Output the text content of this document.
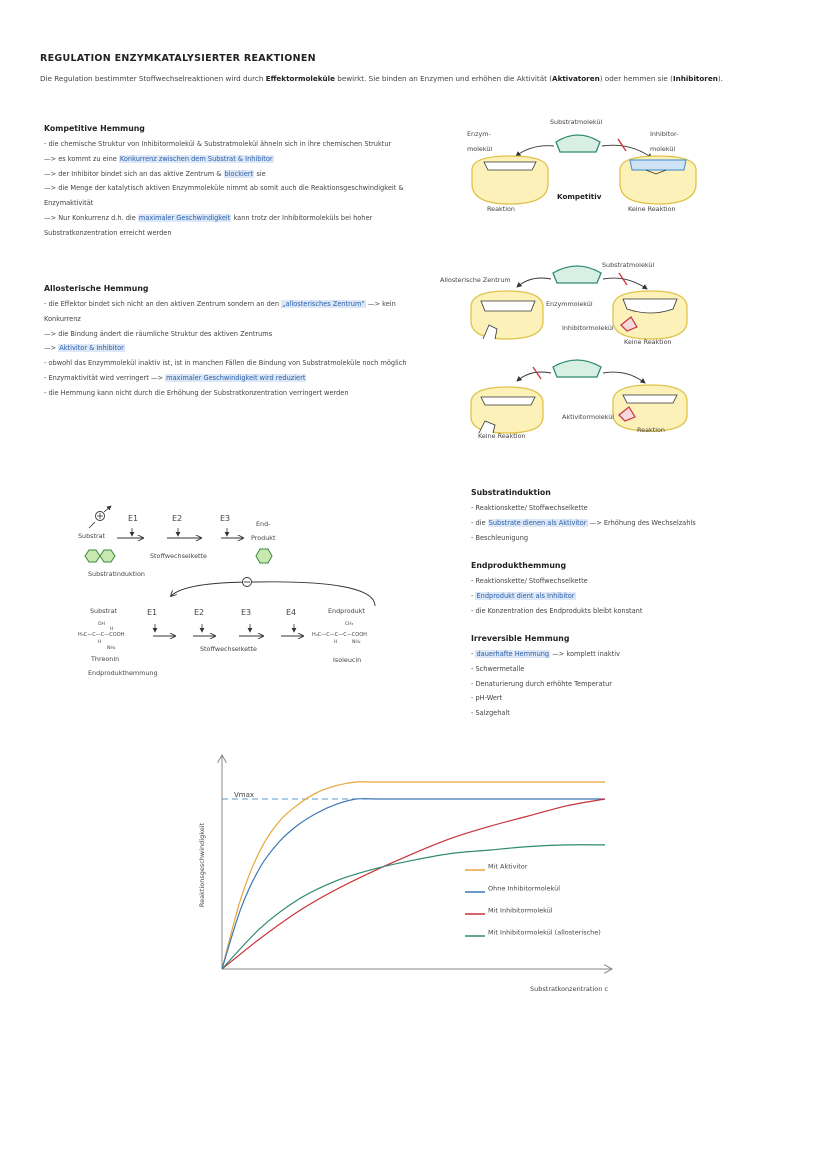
REGULATION ENZYMKATALYSIERTER REAKTIONEN
Die Regulation bestimmter Stoffwechselreaktionen wird durch Effektormoleküle bewirkt. Sie binden an Enzymen und erhöhen die Aktivität (Aktivatoren) oder hemmen sie (Inhibitoren).
Kompetitive Hemmung
- die chemische Struktur von Inhibitormolekül & Substratmolekül ähneln sich in ihre chemischen Struktur
—> es kommt zu eine Konkurrenz zwischen dem Substrat & Inhibitor
—> der Inhibitor bindet sich an das aktive Zentrum & blockiert sie
—> die Menge der katalytisch aktiven Enzymmoleküle nimmt ab somit auch die Reaktionsgeschwindigkeit &
Enzymaktivität
—> Nur Konkurrenz d.h. die maximaler Geschwindigkeit kann trotz der Inhibitormoleküls bei hoher
Substratkonzentration erreicht werden
Enzym-
molekül
Substratmolekül
Inhibitor-
molekül
Kompetitiv
Reaktion	Keine Reaktion
Allosterische Hemmung
- die Effektor bindet sich nicht an den aktiven Zentrum sondern an den „allosterisches Zentrum“ —> kein
Konkurrenz
—> die Bindung ändert die räumliche Struktur des aktiven Zentrums
—> Aktivitor & Inhibitor
- obwohl das Enzymmolekül inaktiv ist, ist in manchen Fällen die Bindung von Substratmoleküle noch möglich
- Enzymaktivität wird verringert —> maximaler Geschwindigkeit wird reduziert
- die Hemmung kann nicht durch die Erhöhung der Substratkonzentration verringert werden
Allosterische Zentrum
Substratmolekül
Enzymmolekül
Inhibitormolekül
Keine Reaktion
Aktivitormolekül
Reaktion
Keine Reaktion
E1	E2	E3
End-
Produkt
Substrat
Stoffwechselkette
Substratinduktion
Substrat	E1	E2	E3	E4	Endprodukt
Stoffwechselkette
OH
H
H₃C—C—C—COOH
H
NH₂
Threonin
Endprodukthemmung
CH₃
H₃C—C—C—C—COOH
H	NH₂
Isoleucin
Substratinduktion
- Reaktionskette/ Stoffwechselkette
- die Substrate dienen als Aktivitor —> Erhöhung des Wechselzahls
- Beschleunigung
Endprodukthemmung
- Reaktionskette/ Stoffwechselkette
- Endprodukt dient als Inhibitor
- die Konzentration des Endprodukts bleibt konstant
Irreversible Hemmung
- dauerhafte Hemmung —> komplett inaktiv
- Schwermetalle
- Denaturierung durch erhöhte Temperatur
- pH-Wert
- Salzgehalt
Mit Aktivitor
Ohne Inhibitormolekül
Mit Inhibitormolekül
Mit Inhibitormolekül (allosterische)
Reaktionsgeschwindigkeit
Substratkonzentration c
Vmax
